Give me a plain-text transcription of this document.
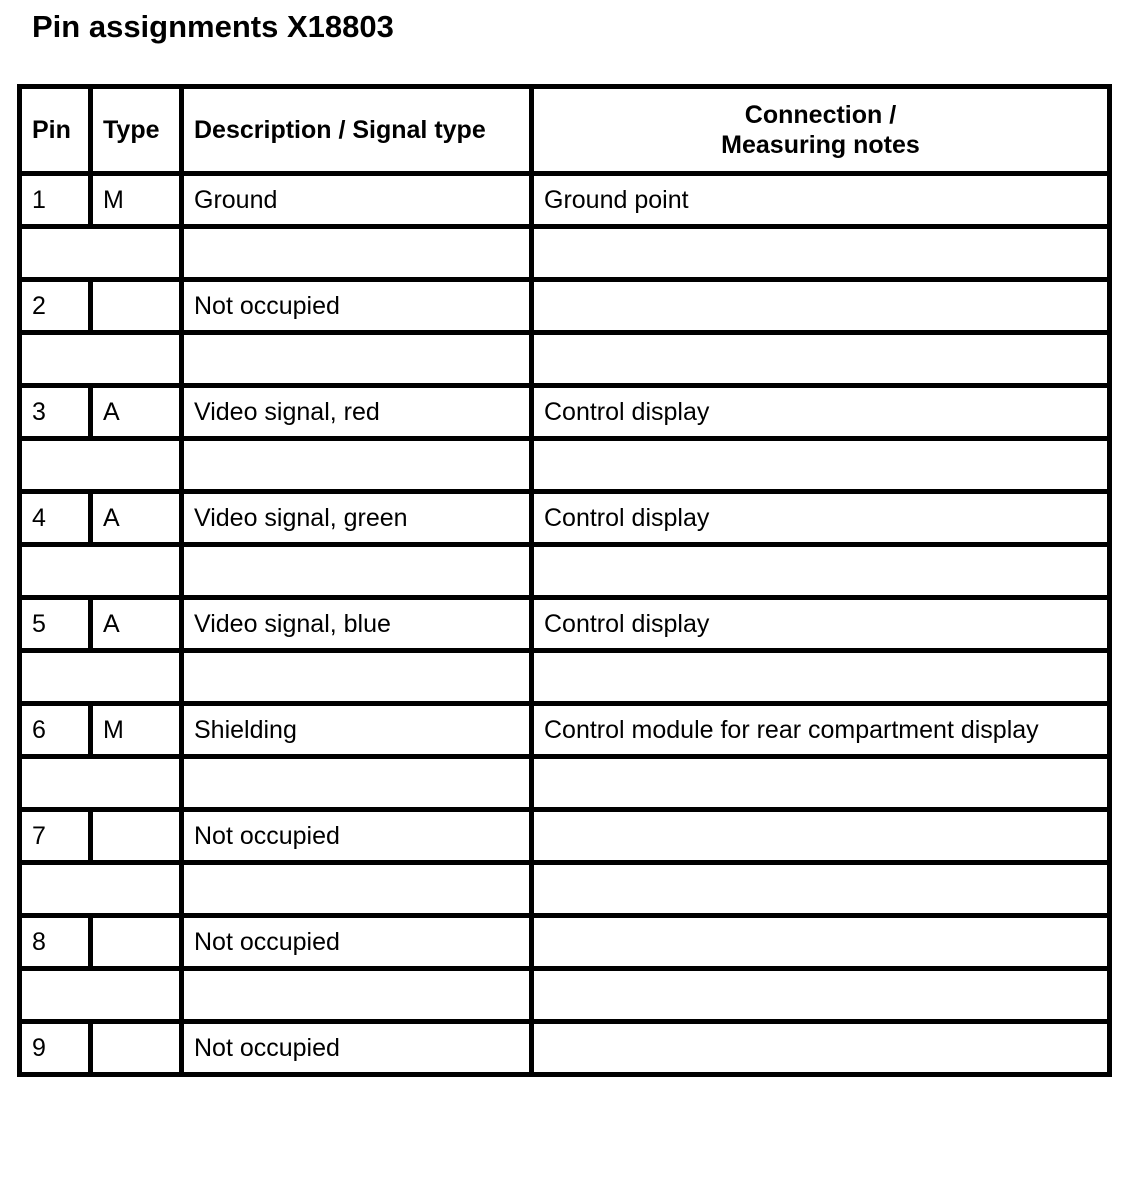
Pin assignments X18803
Pin	Type	Description / Signal type	Connection /
Measuring notes

1	M	Ground	Ground point

2		Not occupied	

3	A	Video signal, red	Control display

4	A	Video signal, green	Control display

5	A	Video signal, blue	Control display

6	M	Shielding	Control module for rear compartment display

7		Not occupied	

8		Not occupied	

9		Not occupied	
